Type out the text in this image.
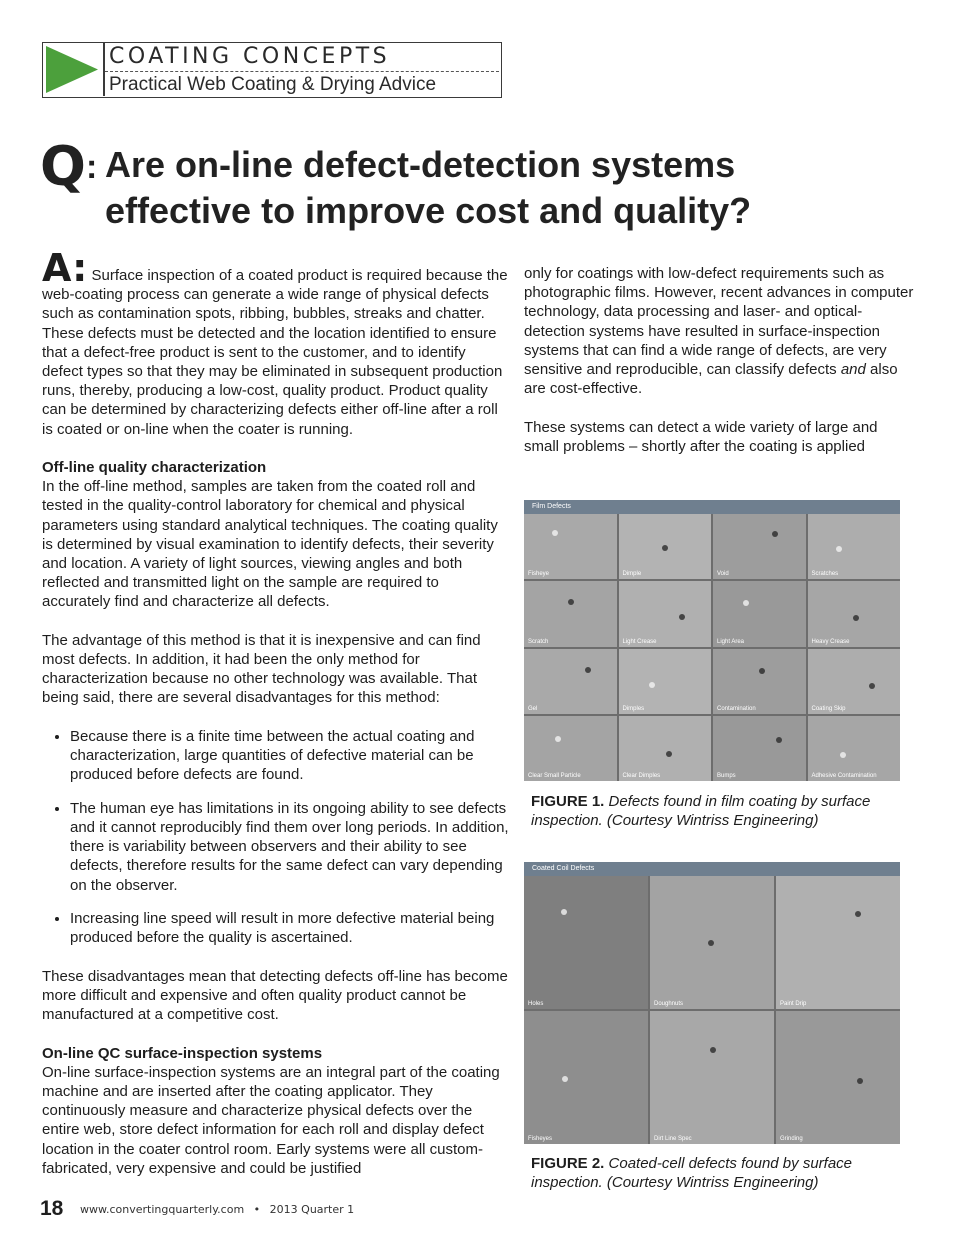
COATING CONCEPTS
Practical Web Coating & Drying Advice
Q : Are on-line defect-detection systems effective to improve cost and quality?

A: Surface inspection of a coated product is required because the web-coating process can generate a wide range of physical defects such as contamination spots, ribbing, bubbles, streaks and chatter. These defects must be detected and the location identified to ensure that a defect-free product is sent to the customer, and to identify defect types so that they may be eliminated in subsequent production runs, thereby, producing a low-cost, quality product. Product quality can be determined by characterizing defects either off-line after a roll is coated or on-line when the coater is running.

Off-line quality characterization

In the off-line method, samples are taken from the coated roll and tested in the quality-control laboratory for chemical and physical parameters using standard analytical techniques. The coating quality is determined by visual examination to identify defects, their severity and location. A variety of light sources, viewing angles and both reflected and transmitted light on the sample are required to accurately find and characterize all defects.

The advantage of this method is that it is inexpensive and can find most defects. In addition, it had been the only method for characterization because no other technology was available. That being said, there are several disadvantages for this method:

• Because there is a finite time between the actual coating and characterization, large quantities of defective material can be produced before defects are found.
• The human eye has limitations in its ongoing ability to see defects and it cannot reproducibly find them over long periods. In addition, there is variability between observers and their ability to see defects, therefore results for the same defect can vary depending on the observer.
• Increasing line speed will result in more defective material being produced before the quality is ascertained.

These disadvantages mean that detecting defects off-line has become more difficult and expensive and often quality product cannot be manufactured at a competitive cost.

On-line QC surface-inspection systems

On-line surface-inspection systems are an integral part of the coating machine and are inserted after the coating applicator. They continuously measure and characterize physical defects over the entire web, store defect information for each roll and display defect location in the coater control room. Early systems were all custom-fabricated, very expensive and could be justified

only for coatings with low-defect requirements such as photographic films. However, recent advances in computer technology, data processing and laser- and optical-detection systems have resulted in surface-inspection systems that can find a wide range of defects, are very sensitive and reproducible, can classify defects and also are cost-effective.

These systems can detect a wide variety of large and small problems – shortly after the coating is applied

Film Defects
Fisheye	Dimple	Void	Scratches
Scratch	Light Crease	Light Area	Heavy Crease
Gel	Dimples	Contamination	Coating Skip
Clear Small Particle	Clear Dimples	Bumps	Adhesive Contamination
FIGURE 1. Defects found in film coating by surface inspection. (Courtesy Wintriss Engineering)
Coated Coil Defects
Holes	Doughnuts	Paint Drip
Fisheyes	Dirt Line Spec	Grinding
FIGURE 2. Coated-cell defects found by surface inspection. (Courtesy Wintriss Engineering)
18 www.convertingquarterly.com • 2013 Quarter 1
